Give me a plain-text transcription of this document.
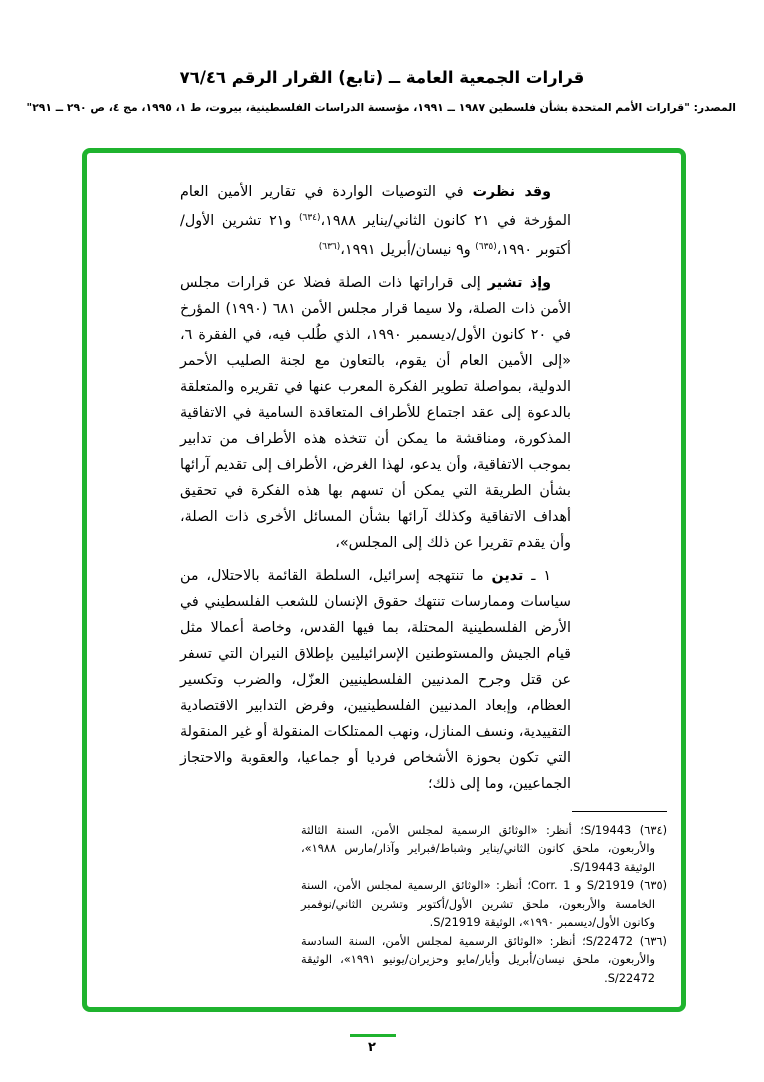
قرارات الجمعية العامة ــ (تابع) القرار الرقم ٧٦/٤٦
المصدر: "قرارات الأمم المتحدة بشأن فلسطين ١٩٨٧ ــ ١٩٩١، مؤسسة الدراسات الفلسطينية، بيروت، ط ١، ١٩٩٥، مج ٤، ص ٢٩٠ ــ ٢٩١"

وقد نظرت في التوصيات الواردة في تقارير الأمين العام المؤرخة في ٢١ كانون الثاني/يناير ١٩٨٨،$^{(٦٣٤)}$ و٢١ تشرين الأول/أكتوبر ١٩٩٠،$^{(٦٣٥)}$ و٩ نيسان/أبريل ١٩٩١،$^{(٦٣٦)}$

وإذ تشير إلى قراراتها ذات الصلة فضلا عن قرارات مجلس الأمن ذات الصلة، ولا سيما قرار مجلس الأمن ٦٨١ (١٩٩٠) المؤرخ في ٢٠ كانون الأول/ديسمبر ١٩٩٠، الذي طُلب فيه، في الفقرة ٦، «إلى الأمين العام أن يقوم، بالتعاون مع لجنة الصليب الأحمر الدولية، بمواصلة تطوير الفكرة المعرب عنها في تقريره والمتعلقة بالدعوة إلى عقد اجتماع للأطراف المتعاقدة السامية في الاتفاقية المذكورة، ومناقشة ما يمكن أن تتخذه هذه الأطراف من تدابير بموجب الاتفاقية، وأن يدعو، لهذا الغرض، الأطراف إلى تقديم آرائها بشأن الطريقة التي يمكن أن تسهم بها هذه الفكرة في تحقيق أهداف الاتفاقية وكذلك آرائها بشأن المسائل الأخرى ذات الصلة، وأن يقدم تقريرا عن ذلك إلى المجلس»،

١ ـ تدين ما تنتهجه إسرائيل، السلطة القائمة بالاحتلال، من سياسات وممارسات تنتهك حقوق الإنسان للشعب الفلسطيني في الأرض الفلسطينية المحتلة، بما فيها القدس، وخاصة أعمالا مثل قيام الجيش والمستوطنين الإسرائيليين بإطلاق النيران التي تسفر عن قتل وجرح المدنيين الفلسطينيين العزّل، والضرب وتكسير العظام، وإبعاد المدنيين الفلسطينيين، وفرض التدابير الاقتصادية التقييدية، ونسف المنازل، ونهب الممتلكات المنقولة أو غير المنقولة التي تكون بحوزة الأشخاص فرديا أو جماعيا، والعقوبة والاحتجاز الجماعيين، وما إلى ذلك؛

(٦٣٤) S/19443؛ أنظر: «الوثائق الرسمية لمجلس الأمن، السنة الثالثة والأربعون، ملحق كانون الثاني/يناير وشباط/فبراير وآذار/مارس ١٩٨٨»، الوثيقة S/19443.

(٦٣٥) S/21919 و Corr. 1؛ أنظر: «الوثائق الرسمية لمجلس الأمن، السنة الخامسة والأربعون، ملحق تشرين الأول/أكتوبر وتشرين الثاني/نوفمبر وكانون الأول/ديسمبر ١٩٩٠»، الوثيقة S/21919.

(٦٣٦) S/22472؛ أنظر: «الوثائق الرسمية لمجلس الأمن، السنة السادسة والأربعون، ملحق نيسان/أبريل وأيار/مايو وحزيران/يونيو ١٩٩١»، الوثيقة S/22472.

٢
